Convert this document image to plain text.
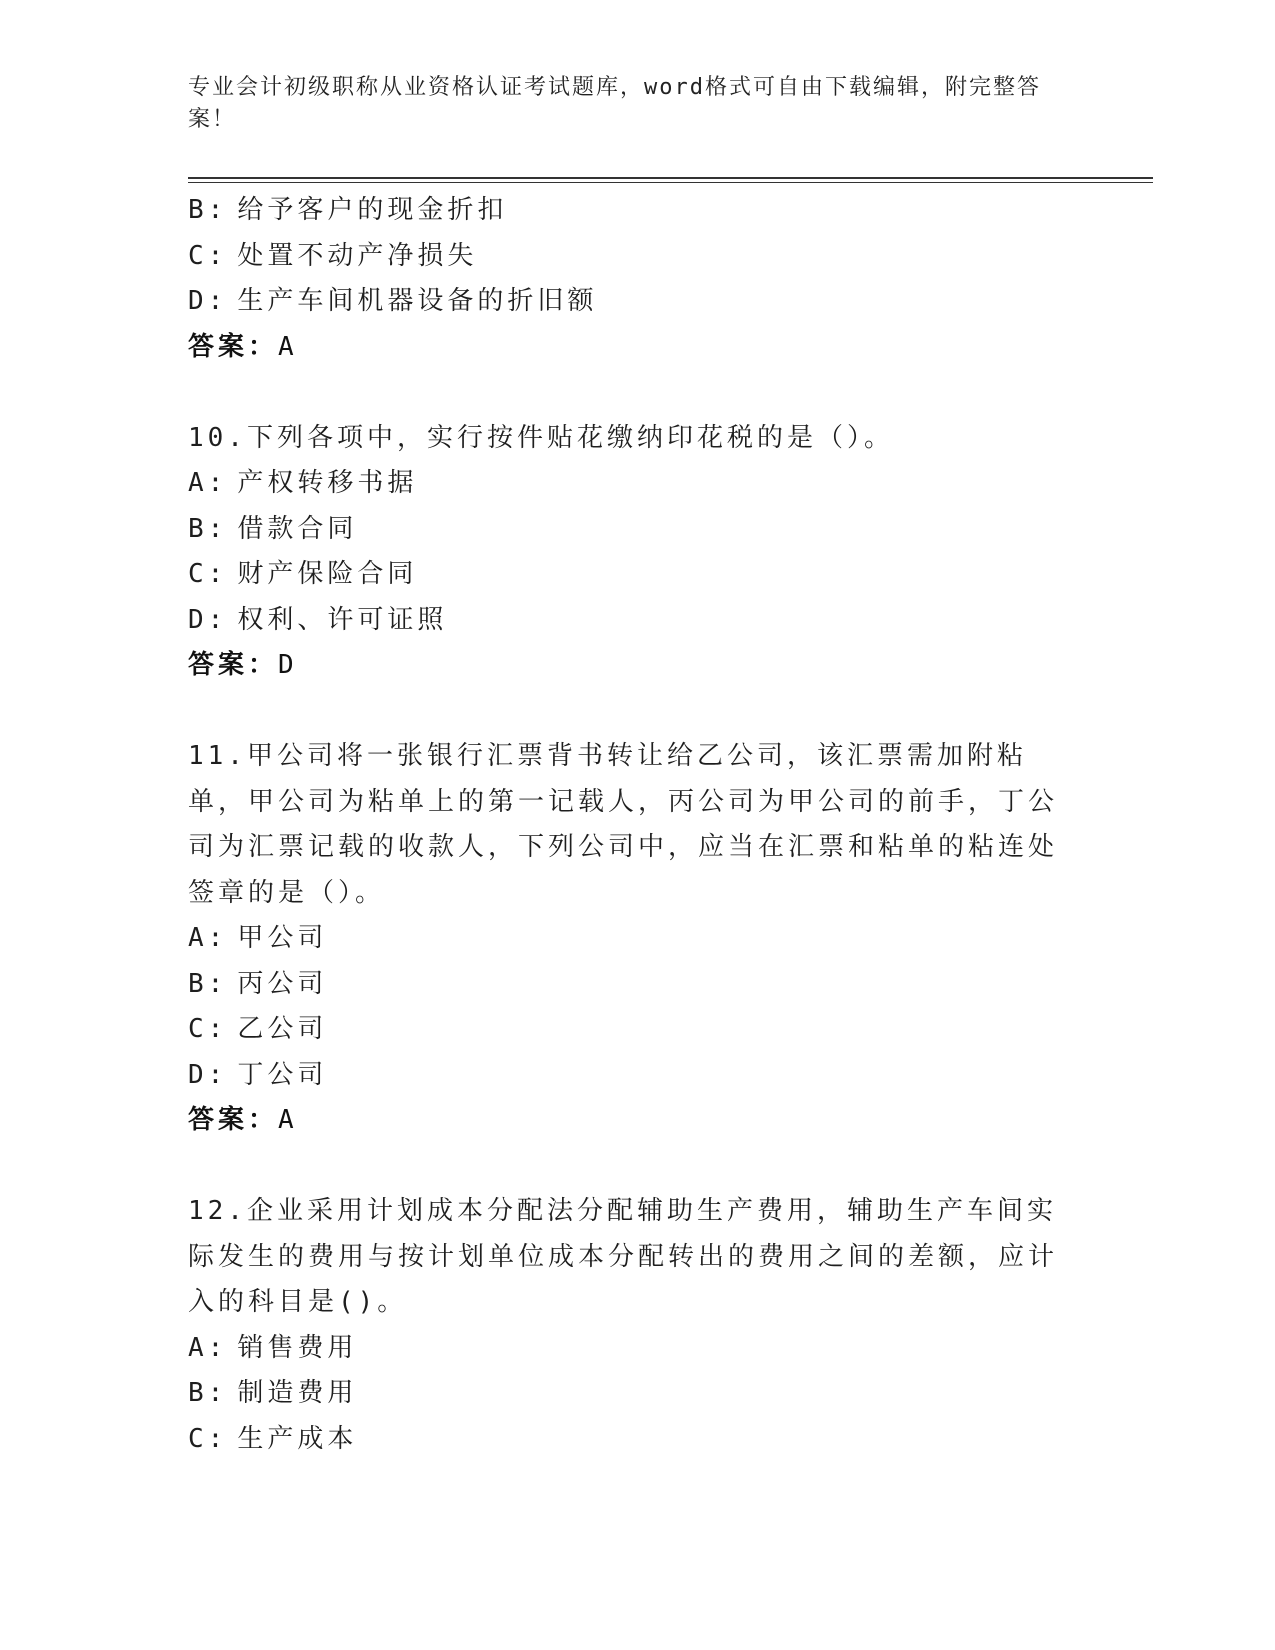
专业会计初级职称从业资格认证考试题库，word格式可自由下载编辑，附完整答案！
B: 给予客户的现金折扣
C: 处置不动产净损失
D: 生产车间机器设备的折旧额
答案：A
10.下列各项中，实行按件贴花缴纳印花税的是（）。
A: 产权转移书据
B: 借款合同
C: 财产保险合同
D: 权利、许可证照
答案：D
11.甲公司将一张银行汇票背书转让给乙公司，该汇票需加附粘单，甲公司为粘单上的第一记载人，丙公司为甲公司的前手，丁公司为汇票记载的收款人，下列公司中，应当在汇票和粘单的粘连处签章的是（）。
A: 甲公司
B: 丙公司
C: 乙公司
D: 丁公司
答案：A
12.企业采用计划成本分配法分配辅助生产费用，辅助生产车间实际发生的费用与按计划单位成本分配转出的费用之间的差额，应计入的科目是()。
A: 销售费用
B: 制造费用
C: 生产成本
